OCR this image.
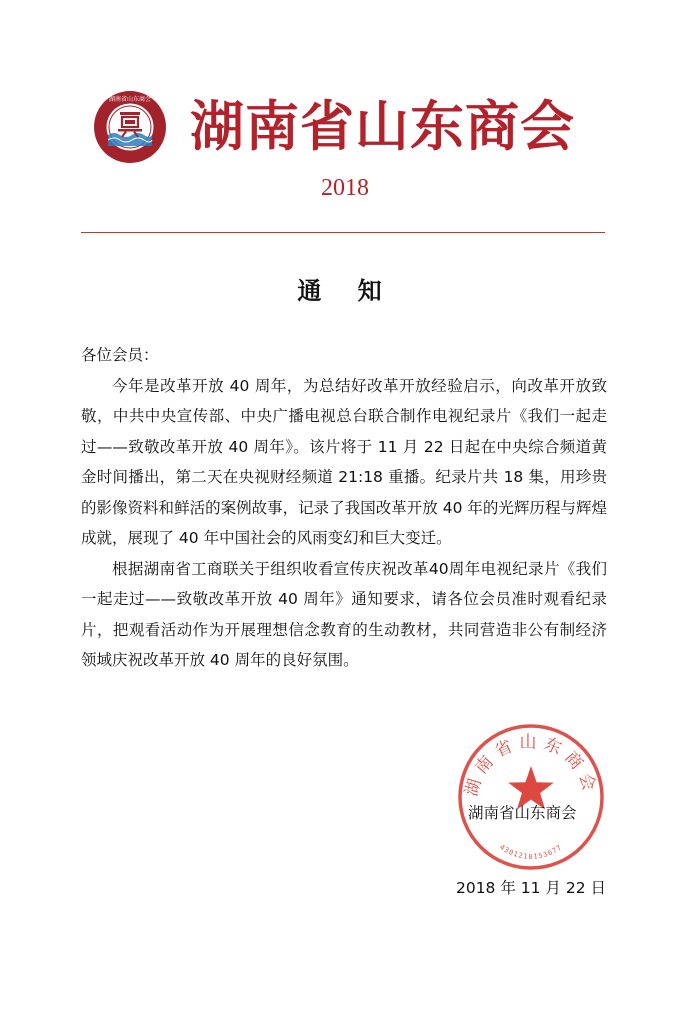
湖南省山东商会 湖南省山东商会
2018
通 知

各位会员：

今年是改革开放 40 周年，为总结好改革开放经验启示，向改革开放致敬，中共中央宣传部、中央广播电视总台联合制作电视纪录片《我们一起走过——致敬改革开放 40 周年》。该片将于 11 月 22 日起在中央综合频道黄金时间播出，第二天在央视财经频道 21:18 重播。纪录片共 18 集，用珍贵的影像资料和鲜活的案例故事，记录了我国改革开放 40 年的光辉历程与辉煌成就，展现了 40 年中国社会的风雨变幻和巨大变迁。

根据湖南省工商联关于组织收看宣传庆祝改革40周年电视纪录片《我们一起走过——致敬改革开放 40 周年》通知要求，请各位会员准时观看纪录片，把观看活动作为开展理想信念教育的生动教材，共同营造非公有制经济领域庆祝改革开放 40 周年的良好氛围。

湖南省山东商会
4301210153677
湖南省山东商会
2018 年 11 月 22 日
